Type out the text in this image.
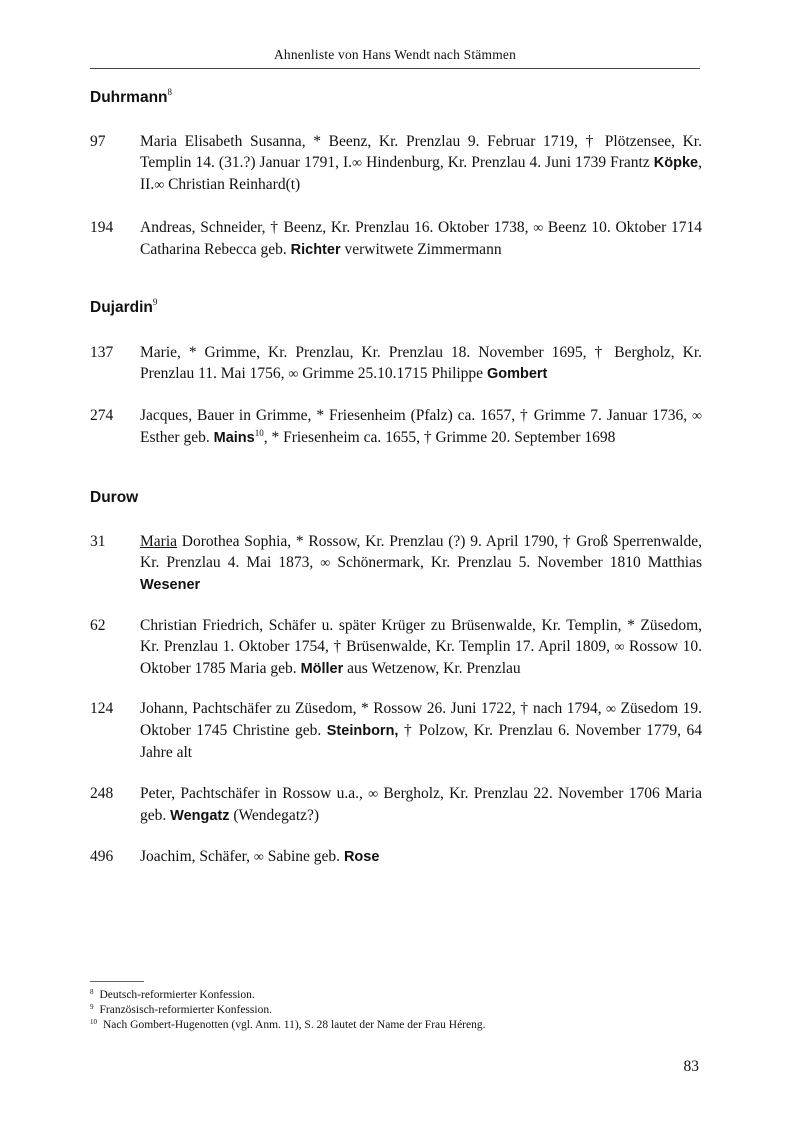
Ahnenliste von Hans Wendt nach Stämmen
Duhrmann$^8$
97	Maria Elisabeth Susanna, * Beenz, Kr. Prenzlau 9. Februar 1719, † Plötzensee, Kr. Templin 14. (31.?) Januar 1791, I.∞ Hindenburg, Kr. Prenzlau 4. Juni 1739 Frantz Köpke, II.∞ Christian Reinhard(t)
194	Andreas, Schneider, † Beenz, Kr. Prenzlau 16. Oktober 1738, ∞ Beenz 10. Oktober 1714 Catharina Rebecca geb. Richter verwitwete Zimmermann
Dujardin$^9$
137	Marie, * Grimme, Kr. Prenzlau, Kr. Prenzlau 18. November 1695, † Bergholz, Kr. Prenzlau 11. Mai 1756, ∞ Grimme 25.10.1715 Philippe Gombert
274	Jacques, Bauer in Grimme, * Friesenheim (Pfalz) ca. 1657, † Grimme 7. Januar 1736, ∞ Esther geb. Mains$^{10}$, * Friesenheim ca. 1655, † Grimme 20. September 1698
Durow
31	Maria Dorothea Sophia, * Rossow, Kr. Prenzlau (?) 9. April 1790, † Groß Sperrenwalde, Kr. Prenzlau 4. Mai 1873, ∞ Schönermark, Kr. Prenzlau 5. November 1810 Matthias Wesener
62	Christian Friedrich, Schäfer u. später Krüger zu Brüsenwalde, Kr. Templin, * Züsedom, Kr. Prenzlau 1. Oktober 1754, † Brüsenwalde, Kr. Templin 17. April 1809, ∞ Rossow 10. Oktober 1785 Maria geb. Möller aus Wetzenow, Kr. Prenzlau
124	Johann, Pachtschäfer zu Züsedom, * Rossow 26. Juni 1722, † nach 1794, ∞ Züsedom 19. Oktober 1745 Christine geb. Steinborn, † Polzow, Kr. Prenzlau 6. November 1779, 64 Jahre alt
248	Peter, Pachtschäfer in Rossow u.a., ∞ Bergholz, Kr. Prenzlau 22. November 1706 Maria geb. Wengatz (Wendegatz?)
496	Joachim, Schäfer, ∞ Sabine geb. Rose
$^8$ Deutsch-reformierter Konfession.
$^9$ Französisch-reformierter Konfession.
$^{10}$ Nach Gombert-Hugenotten (vgl. Anm. 11), S. 28 lautet der Name der Frau Héreng.
83
